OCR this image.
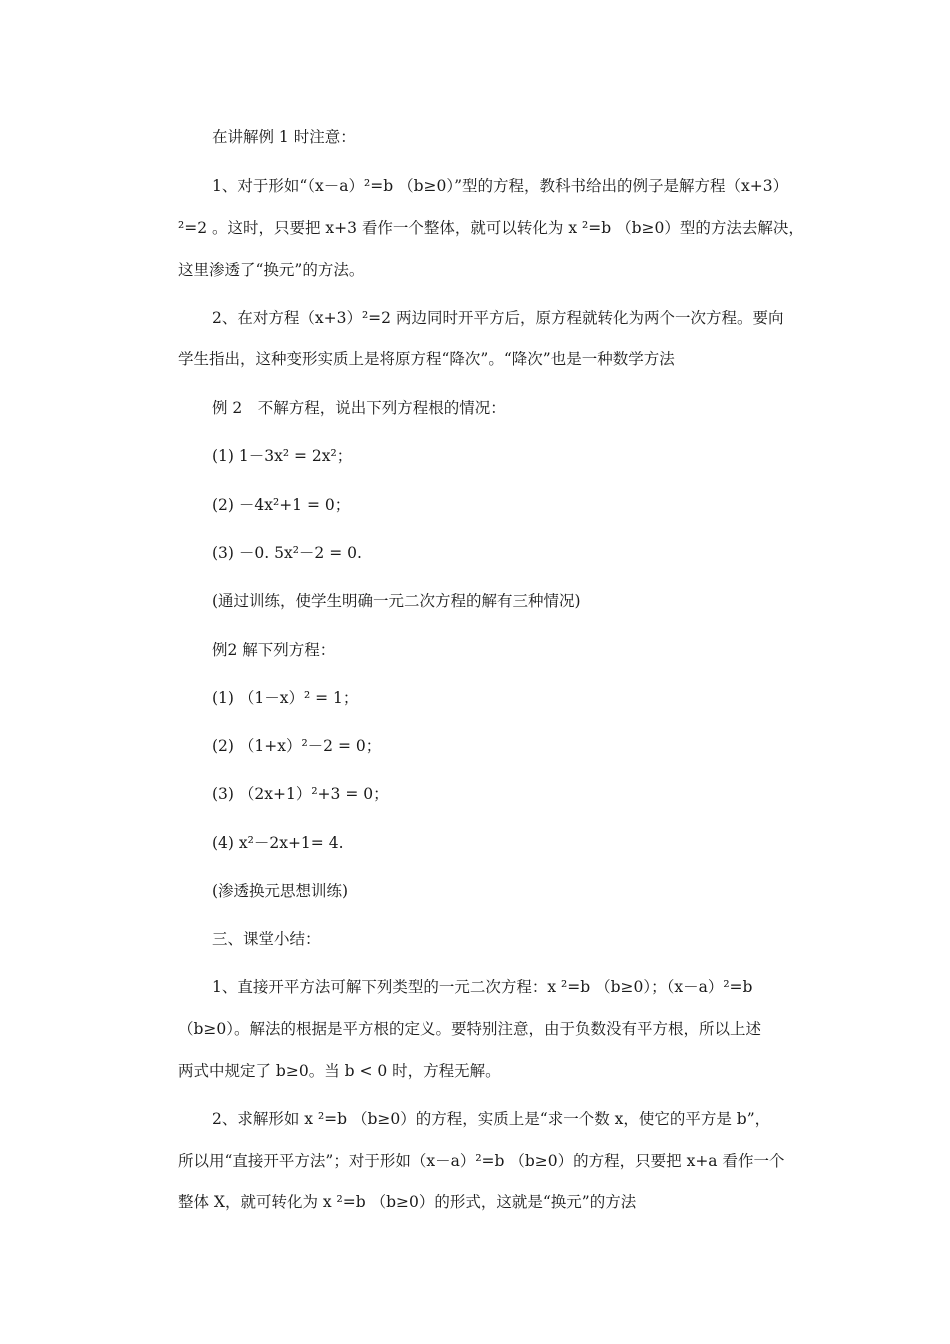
在讲解例 1 时注意：
1、对于形如“（x－a）²=b （b≥0）”型的方程，教科书给出的例子是解方程（x+3）
²=2 。这时，只要把 x+3 看作一个整体，就可以转化为 x ²=b （b≥0）型的方法去解决，
这里渗透了“换元”的方法。
2、在对方程（x+3）²=2 两边同时开平方后，原方程就转化为两个一次方程。要向
学生指出，这种变形实质上是将原方程“降次”。“降次”也是一种数学方法
例 2　不解方程，说出下列方程根的情况：
(1) 1－3x² = 2x²；
(2) －4x²+1 = 0；
(3) －0. 5x²－2 = 0.
(通过训练，使学生明确一元二次方程的解有三种情况)
例2 解下列方程：
(1) （1－x）² = 1；
(2) （1+x）²－2 = 0；
(3) （2x+1）²+3 = 0；
(4) x²－2x+1= 4.
(渗透换元思想训练)
三、课堂小结：
1、直接开平方法可解下列类型的一元二次方程：x ²=b （b≥0）；（x－a）²=b
（b≥0）。解法的根据是平方根的定义。要特别注意，由于负数没有平方根，所以上述
两式中规定了 b≥0。当 b < 0 时，方程无解。
2、求解形如 x ²=b （b≥0）的方程，实质上是“求一个数 x，使它的平方是 b”，
所以用“直接开平方法”；对于形如（x－a）²=b （b≥0）的方程，只要把 x+a 看作一个
整体 X，就可转化为 x ²=b （b≥0）的形式，这就是“换元”的方法
